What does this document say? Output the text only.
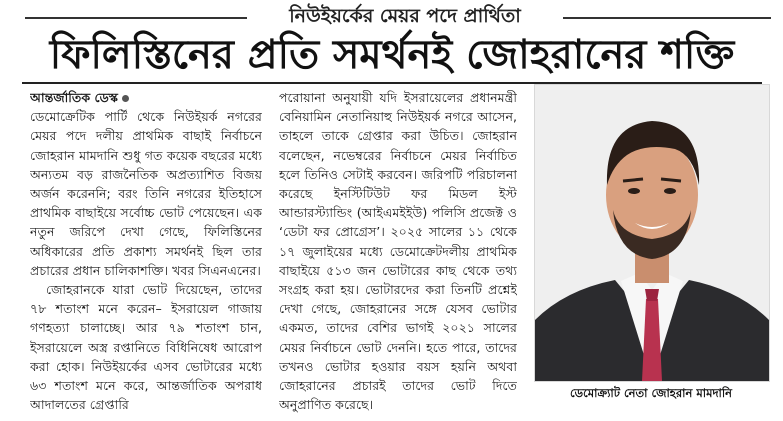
নিউইয়র্কের মেয়র পদে প্রার্থিতা
ফিলিস্তিনের প্রতি সমর্থনই জোহরানের শক্তি

আন্তর্জাতিক ডেস্ক
ডেমোক্রেটিক পার্টি থেকে নিউইয়র্ক নগরের মেয়র পদে দলীয় প্রাথমিক বাছাই নির্বাচনে জোহরান মামদানি শুধু গত কয়েক বছরের মধ্যে অন্যতম বড় রাজনৈতিক অপ্রত্যাশিত বিজয় অর্জন করেননি; বরং তিনি নগরের ইতিহাসে প্রাথমিক বাছাইয়ে সর্বোচ্চ ভোট পেয়েছেন। এক নতুন জরিপে দেখা গেছে, ফিলিস্তিনের অধিকারের প্রতি প্রকাশ্য সমর্থনই ছিল তার প্রচারের প্রধান চালিকাশক্তি। খবর সিএনএনের।

জোহরানকে যারা ভোট দিয়েছেন, তাদের ৭৮ শতাংশ মনে করেন– ইসরায়েল গাজায় গণহত্যা চালাচ্ছে। আর ৭৯ শতাংশ চান, ইসরায়েলে অস্ত্র রপ্তানিতে বিধিনিষেধ আরোপ করা হোক। নিউইয়র্কের এসব ভোটারের মধ্যে ৬৩ শতাংশ মনে করে, আন্তর্জাতিক অপরাধ আদালতের গ্রেপ্তারি

পরোয়ানা অনুযায়ী যদি ইসরায়েলের প্রধানমন্ত্রী বেনিয়ামিন নেতানিয়াহু নিউইয়র্ক নগরে আসেন, তাহলে তাকে গ্রেপ্তার করা উচিত। জোহরান বলেছেন, নভেম্বরের নির্বাচনে মেয়র নির্বাচিত হলে তিনিও সেটাই করবেন। জরিপটি পরিচালনা করেছে ইনস্টিটিউট ফর মিডল ইস্ট আন্ডারস্ট্যান্ডিং (আইএমইইউ) পলিসি প্রজেক্ট ও ‘ডেটা ফর প্রোগ্রেস’। ২০২৫ সালের ১১ থেকে ১৭ জুলাইয়ের মধ্যে ডেমোক্রেটদলীয় প্রাথমিক বাছাইয়ে ৫১৩ জন ভোটারের কাছ থেকে তথ্য সংগ্রহ করা হয়। ভোটারদের করা তিনটি প্রশ্নেই দেখা গেছে, জোহরানের সঙ্গে যেসব ভোটার একমত, তাদের বেশির ভাগই ২০২১ সালের মেয়র নির্বাচনে ভোট দেননি। হতে পারে, তাদের তখনও ভোটার হওয়ার বয়স হয়নি অথবা জোহরানের প্রচারই তাদের ভোট দিতে অনুপ্রাণিত করেছে।

ডেমোক্র্যাট নেতা জোহরান মামদানি
